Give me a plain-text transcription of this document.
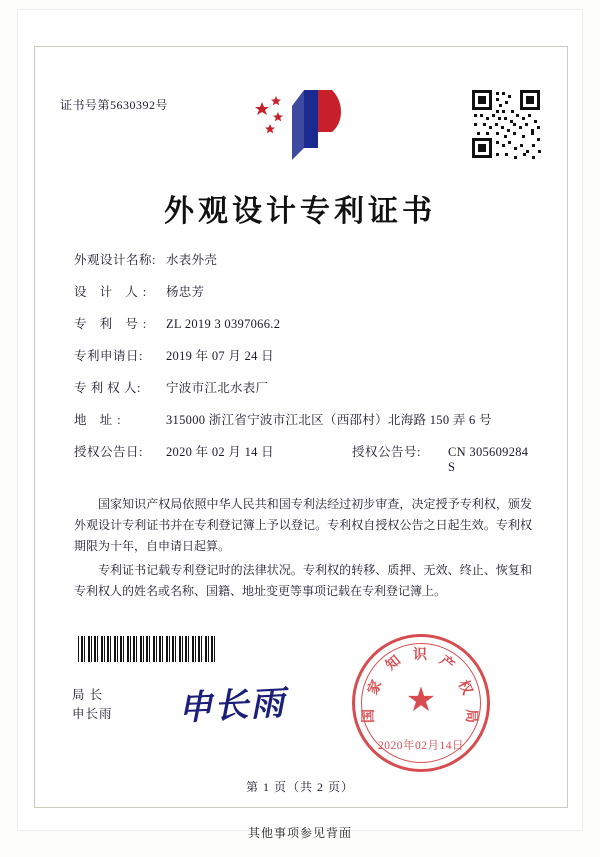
证书号第5630392号
外观设计专利证书
外观设计名称: 水表外壳
设 计 人:	杨忠芳
专 利 号:	ZL 2019 3 0397066.2
专利申请日:	2019 年 07 月 24 日
专 利 权 人:	宁波市江北水表厂
地 址:	315000 浙江省宁波市江北区（西邵村）北海路 150 弄 6 号
授权公告日:	2020 年 02 月 14 日	授权公告号:	CN 305609284 S

国家知识产权局依照中华人民共和国专利法经过初步审查，决定授予专利权，颁发外观设计专利证书并在专利登记簿上予以登记。专利权自授权公告之日起生效。专利权期限为十年，自申请日起算。

专利证书记载专利登记时的法律状况。专利权的转移、质押、无效、终止、恢复和专利权人的姓名或名称、国籍、地址变更等事项记载在专利登记簿上。

局 长
申长雨 申长雨	★
识
知
家
国
产
权
局
2020年02月14日
第 1 页（共 2 页）
其他事项参见背面
